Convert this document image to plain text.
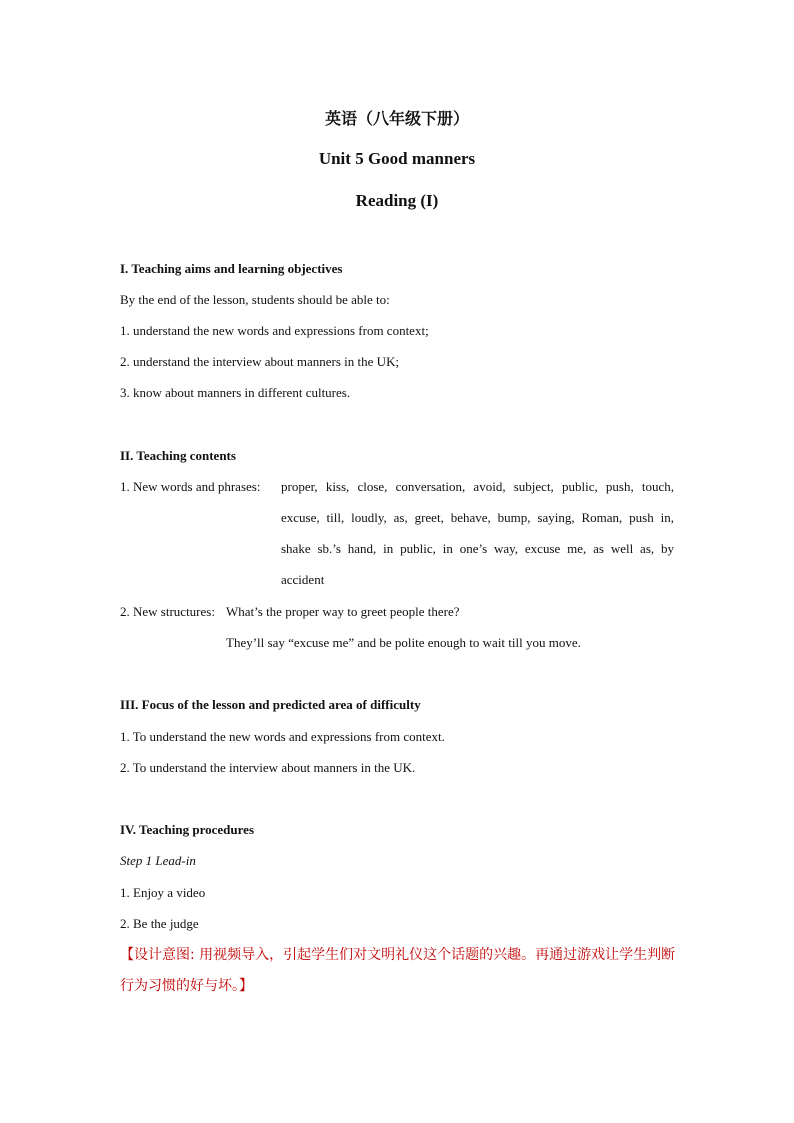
英语（八年级下册）
Unit 5 Good manners
Reading (I)
I. Teaching aims and learning objectives
By the end of the lesson, students should be able to:
1. understand the new words and expressions from context;
2. understand the interview about manners in the UK;
3. know about manners in different cultures.
II. Teaching contents
1. New words and phrases: proper, kiss, close, conversation, avoid, subject, public, push, touch,
excuse, till, loudly, as, greet, behave, bump, saying, Roman, push in,
shake sb.’s hand, in public, in one’s way, excuse me, as well as, by
accident
2. New structures: What’s the proper way to greet people there?
They’ll say “excuse me” and be polite enough to wait till you move.
III. Focus of the lesson and predicted area of difficulty
1. To understand the new words and expressions from context.
2. To understand the interview about manners in the UK.
IV. Teaching procedures
Step 1 Lead-in
1. Enjoy a video
2. Be the judge
【设计意图: 用视频导入，引起学生们对文明礼仪这个话题的兴趣。再通过游戏让学生判断行为习惯的好与坏。】
